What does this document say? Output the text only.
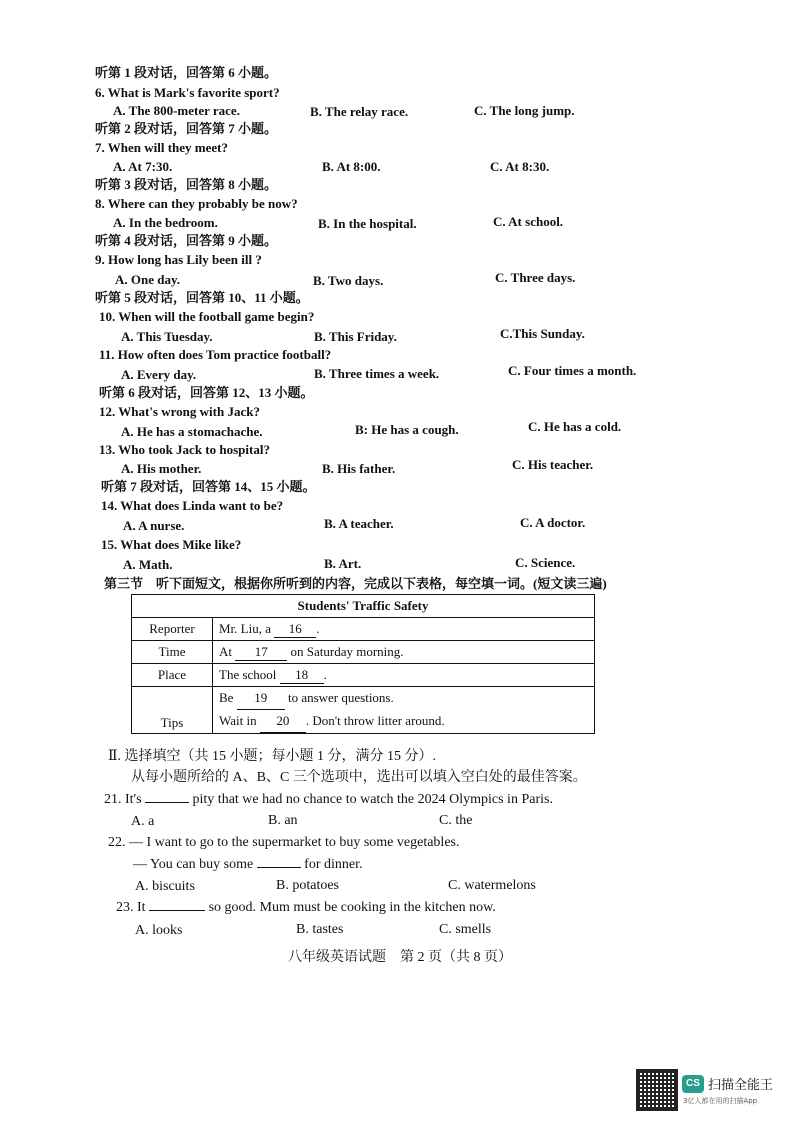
听第 1 段对话，回答第 6 小题。
6. What is Mark's favorite sport?
A. The 800-meter race.	B. The relay race.	C. The long jump.
听第 2 段对话，回答第 7 小题。
7. When will they meet?
A. At 7:30.	B. At 8:00.	C. At 8:30.
听第 3 段对话，回答第 8 小题。
8. Where can they probably be now?
A. In the bedroom.	B. In the hospital.	C. At school.
听第 4 段对话，回答第 9 小题。
9. How long has Lily been ill ?
A. One day.	B. Two days.	C. Three days.
听第 5 段对话，回答第 10、11 小题。
10. When will the football game begin?
A. This Tuesday.	B. This Friday.	C.This Sunday.
11. How often does Tom practice football?
A. Every day.	B. Three times a week.	C. Four times a month.
听第 6 段对话，回答第 12、13 小题。
12. What's wrong with Jack?
A. He has a stomachache.	B: He has a cough.	C. He has a cold.
13. Who took Jack to hospital?
A. His mother.	B. His father.	C. His teacher.
听第 7 段对话，回答第 14、15 小题。
14. What does Linda want to be?
A. A nurse.	B. A teacher.	C. A doctor.
15. What does Mike like?
A. Math.	B. Art.	C. Science.
第三节　听下面短文，根据你所听到的内容，完成以下表格，每空填一词。(短文读三遍)
Students' Traffic Safety	
Reporter	Mr. Liu, a 16 .
Time	At 17 on Saturday morning.
Place	The school 18 .
Tips	Be 19 to answer questions.
Wait in 20 . Don't throw litter around.
Ⅱ. 选择填空（共 15 小题；每小题 1 分，满分 15 分）.
从每小题所给的 A、B、C 三个选项中，选出可以填入空白处的最佳答案。
21. It's	pity that we had no chance to watch the 2024 Olympics in Paris.
A. a	B. an	C. the
22. — I want to go to the supermarket to buy some vegetables.
— You can buy some	for dinner.
A. biscuits	B. potatoes	C. watermelons
23. It	so good. Mum must be cooking in the kitchen now.
A. looks	B. tastes	C. smells
八年级英语试题　第 2 页（共 8 页）
CS 扫描全能王
3亿人都在用的扫描App
